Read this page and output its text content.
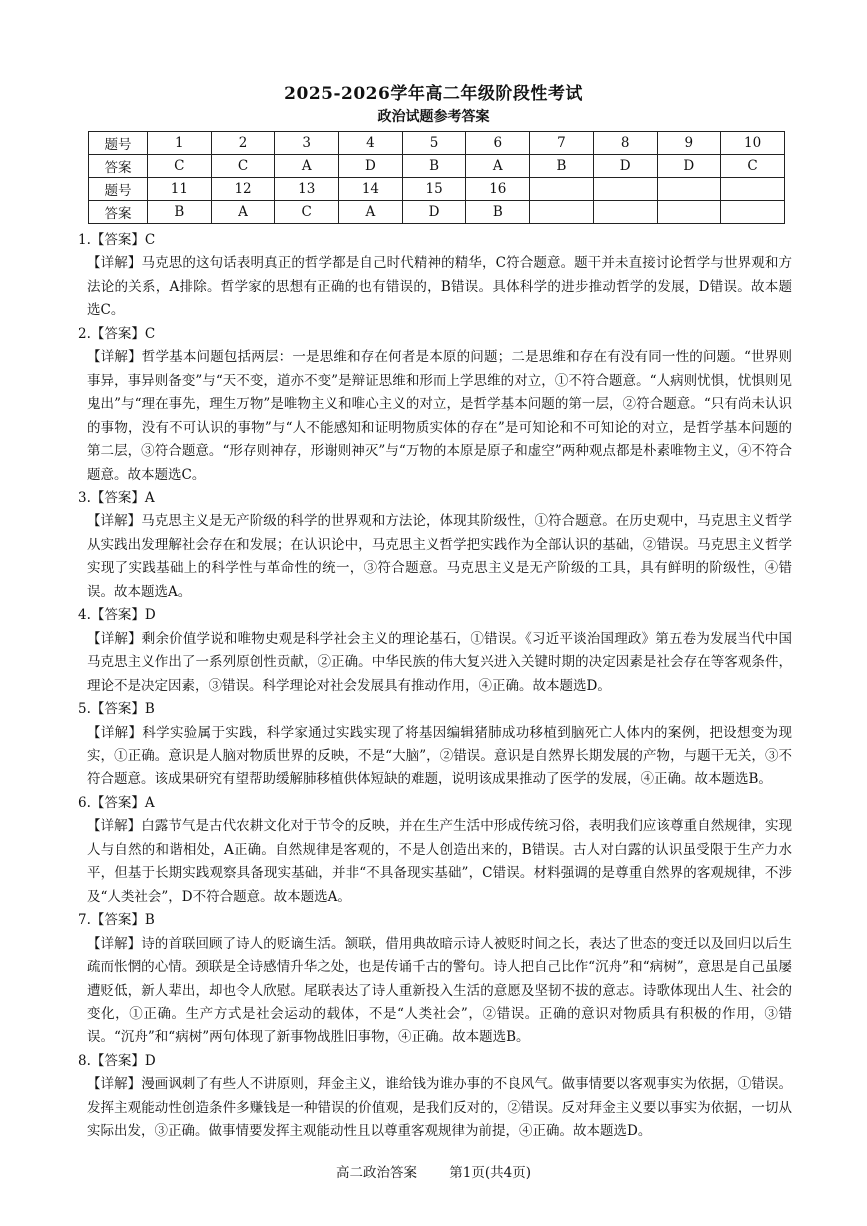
2025-2026学年高二年级阶段性考试
政治试题参考答案
题号	1	2	3	4	5	6	7	8	9	10
答案	C	C	A	D	B	A	B	D	D	C
题号	11	12	13	14	15	16				
答案	B	A	C	A	D	B				
1.【答案】C
【详解】马克思的这句话表明真正的哲学都是自己时代精神的精华，C符合题意。题干并未直接讨论哲学与世界观和方法论的关系，A排除。哲学家的思想有正确的也有错误的，B错误。具体科学的进步推动哲学的发展，D错误。故本题选C。
2.【答案】C
【详解】哲学基本问题包括两层：一是思维和存在何者是本原的问题；二是思维和存在有没有同一性的问题。“世界则事异，事异则备变”与“天不变，道亦不变”是辩证思维和形而上学思维的对立，①不符合题意。“人病则忧惧，忧惧则见鬼出”与“理在事先，理生万物”是唯物主义和唯心主义的对立，是哲学基本问题的第一层，②符合题意。“只有尚未认识的事物，没有不可认识的事物”与“人不能感知和证明物质实体的存在”是可知论和不可知论的对立，是哲学基本问题的第二层，③符合题意。“形存则神存，形谢则神灭”与“万物的本原是原子和虚空”两种观点都是朴素唯物主义，④不符合题意。故本题选C。
3.【答案】A
【详解】马克思主义是无产阶级的科学的世界观和方法论，体现其阶级性，①符合题意。在历史观中，马克思主义哲学从实践出发理解社会存在和发展；在认识论中，马克思主义哲学把实践作为全部认识的基础，②错误。马克思主义哲学实现了实践基础上的科学性与革命性的统一，③符合题意。马克思主义是无产阶级的工具，具有鲜明的阶级性，④错误。故本题选A。
4.【答案】D
【详解】剩余价值学说和唯物史观是科学社会主义的理论基石，①错误。《习近平谈治国理政》第五卷为发展当代中国马克思主义作出了一系列原创性贡献，②正确。中华民族的伟大复兴进入关键时期的决定因素是社会存在等客观条件，理论不是决定因素，③错误。科学理论对社会发展具有推动作用，④正确。故本题选D。
5.【答案】B
【详解】科学实验属于实践，科学家通过实践实现了将基因编辑猪肺成功移植到脑死亡人体内的案例，把设想变为现实，①正确。意识是人脑对物质世界的反映，不是“大脑”，②错误。意识是自然界长期发展的产物，与题干无关，③不符合题意。该成果研究有望帮助缓解肺移植供体短缺的难题，说明该成果推动了医学的发展，④正确。故本题选B。
6.【答案】A
【详解】白露节气是古代农耕文化对于节令的反映，并在生产生活中形成传统习俗，表明我们应该尊重自然规律，实现人与自然的和谐相处，A正确。自然规律是客观的，不是人创造出来的，B错误。古人对白露的认识虽受限于生产力水平，但基于长期实践观察具备现实基础，并非“不具备现实基础”，C错误。材料强调的是尊重自然界的客观规律，不涉及“人类社会”，D不符合题意。故本题选A。
7.【答案】B
【详解】诗的首联回顾了诗人的贬谪生活。颔联，借用典故暗示诗人被贬时间之长，表达了世态的变迁以及回归以后生疏而怅惘的心情。颈联是全诗感情升华之处，也是传诵千古的警句。诗人把自己比作“沉舟”和“病树”，意思是自己虽屡遭贬低，新人辈出，却也令人欣慰。尾联表达了诗人重新投入生活的意愿及坚韧不拔的意志。诗歌体现出人生、社会的变化，①正确。生产方式是社会运动的载体，不是“人类社会”，②错误。正确的意识对物质具有积极的作用，③错误。“沉舟”和“病树”两句体现了新事物战胜旧事物，④正确。故本题选B。
8.【答案】D
【详解】漫画讽刺了有些人不讲原则，拜金主义，谁给钱为谁办事的不良风气。做事情要以客观事实为依据，①错误。发挥主观能动性创造条件多赚钱是一种错误的价值观，是我们反对的，②错误。反对拜金主义要以事实为依据，一切从实际出发，③正确。做事情要发挥主观能动性且以尊重客观规律为前提，④正确。故本题选D。
高二政治答案 第1页(共4页)
